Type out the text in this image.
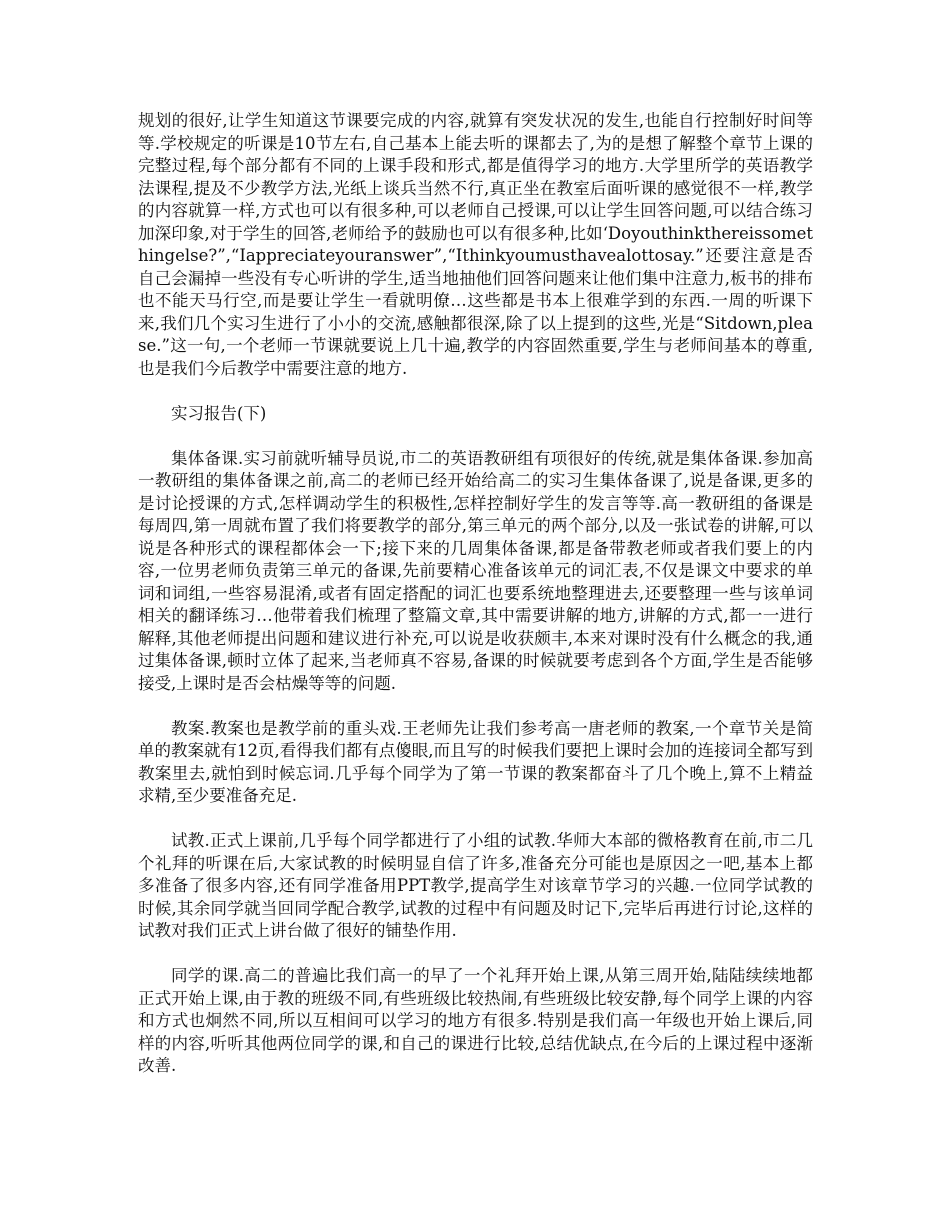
规划的很好,让学生知道这节课要完成的内容,就算有突发状况的发生,也能自行控制好时间等等.学校规定的听课是10节左右,自己基本上能去听的课都去了,为的是想了解整个章节上课的完整过程,每个部分都有不同的上课手段和形式,都是值得学习的地方.大学里所学的英语教学法课程,提及不少教学方法,光纸上谈兵当然不行,真正坐在教室后面听课的感觉很不一样,教学的内容就算一样,方式也可以有很多种,可以老师自己授课,可以让学生回答问题,可以结合练习加深印象,对于学生的回答,老师给予的鼓励也可以有很多种,比如‘Doyouthinkthereissomethingelse?”,“Iappreciateyouranswer”,“Ithinkyoumusthavealottosay.”还要注意是否自己会漏掉一些没有专心听讲的学生,适当地抽他们回答问题来让他们集中注意力,板书的排布也不能天马行空,而是要让学生一看就明僚…这些都是书本上很难学到的东西.一周的听课下来,我们几个实习生进行了小小的交流,感触都很深,除了以上提到的这些,光是“Sitdown,please.”这一句,一个老师一节课就要说上几十遍,教学的内容固然重要,学生与老师间基本的尊重,也是我们今后教学中需要注意的地方.

实习报告(下)

集体备课.实习前就听辅导员说,市二的英语教研组有项很好的传统,就是集体备课.参加高一教研组的集体备课之前,高二的老师已经开始给高二的实习生集体备课了,说是备课,更多的是讨论授课的方式,怎样调动学生的积极性,怎样控制好学生的发言等等.高一教研组的备课是每周四,第一周就布置了我们将要教学的部分,第三单元的两个部分,以及一张试卷的讲解,可以说是各种形式的课程都体会一下;接下来的几周集体备课,都是备带教老师或者我们要上的内容,一位男老师负责第三单元的备课,先前要精心准备该单元的词汇表,不仅是课文中要求的单词和词组,一些容易混淆,或者有固定搭配的词汇也要系统地整理进去,还要整理一些与该单词相关的翻译练习…他带着我们梳理了整篇文章,其中需要讲解的地方,讲解的方式,都一一进行解释,其他老师提出问题和建议进行补充,可以说是收获颇丰,本来对课时没有什么概念的我,通过集体备课,顿时立体了起来,当老师真不容易,备课的时候就要考虑到各个方面,学生是否能够接受,上课时是否会枯燥等等的问题.

教案.教案也是教学前的重头戏.王老师先让我们参考高一唐老师的教案,一个章节关是简单的教案就有12页,看得我们都有点傻眼,而且写的时候我们要把上课时会加的连接词全都写到教案里去,就怕到时候忘词.几乎每个同学为了第一节课的教案都奋斗了几个晚上,算不上精益求精,至少要准备充足.

试教.正式上课前,几乎每个同学都进行了小组的试教.华师大本部的微格教育在前,市二几个礼拜的听课在后,大家试教的时候明显自信了许多,准备充分可能也是原因之一吧,基本上都多准备了很多内容,还有同学准备用PPT教学,提高学生对该章节学习的兴趣.一位同学试教的时候,其余同学就当回同学配合教学,试教的过程中有问题及时记下,完毕后再进行讨论,这样的试教对我们正式上讲台做了很好的铺垫作用.

同学的课.高二的普遍比我们高一的早了一个礼拜开始上课,从第三周开始,陆陆续续地都正式开始上课,由于教的班级不同,有些班级比较热闹,有些班级比较安静,每个同学上课的内容和方式也炯然不同,所以互相间可以学习的地方有很多.特别是我们高一年级也开始上课后,同样的内容,听听其他两位同学的课,和自己的课进行比较,总结优缺点,在今后的上课过程中逐渐改善.
